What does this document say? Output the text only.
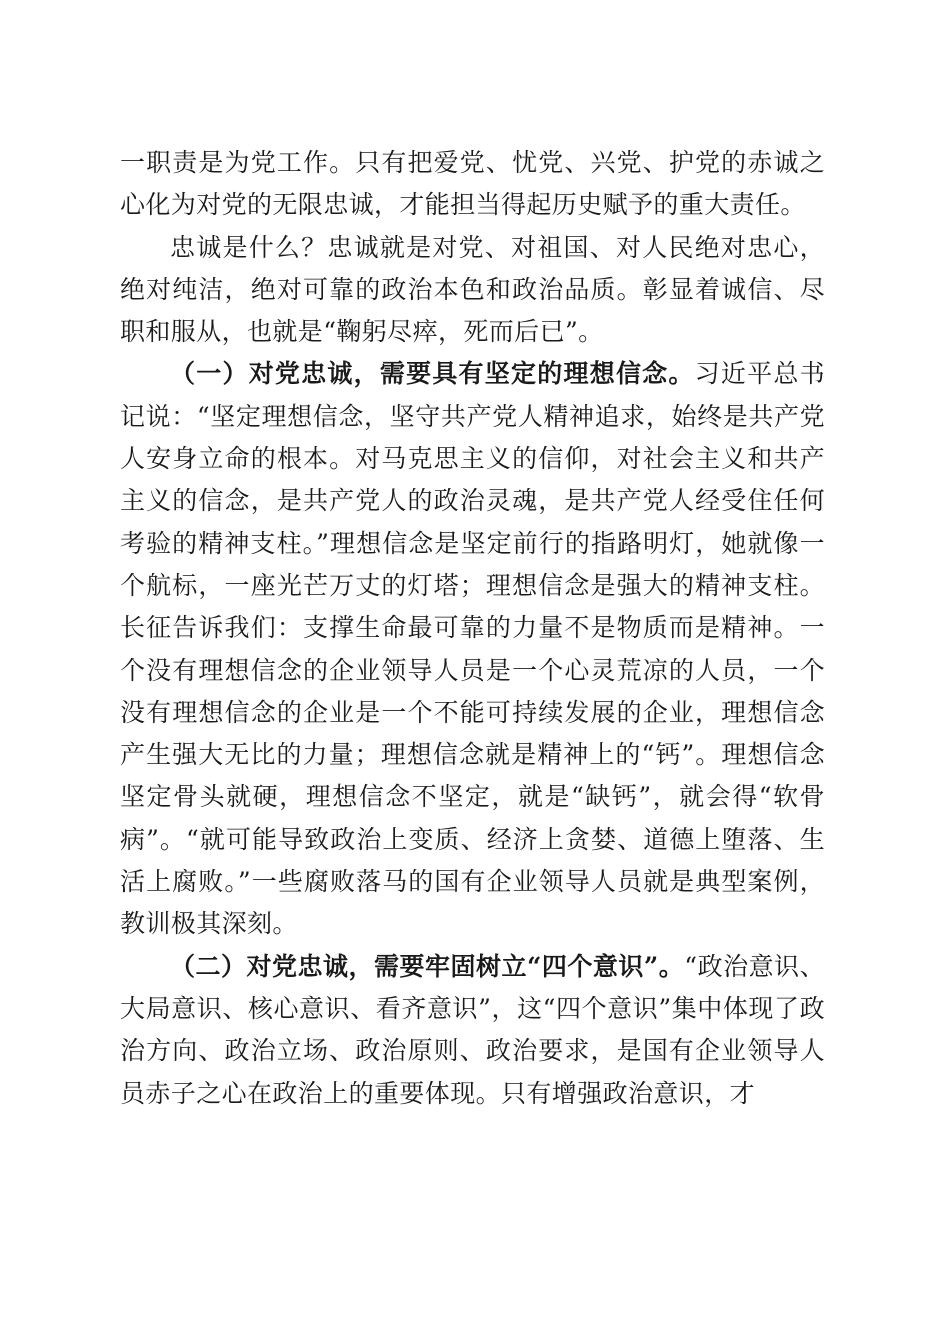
一职责是为党工作。只有把爱党、忧党、兴党、护党的赤诚之心化为对党的无限忠诚，才能担当得起历史赋予的重大责任。

忠诚是什么？忠诚就是对党、对祖国、对人民绝对忠心，绝对纯洁，绝对可靠的政治本色和政治品质。彰显着诚信、尽职和服从，也就是“鞠躬尽瘁，死而后已”。

（一）对党忠诚，需要具有坚定的理想信念。习近平总书记说：“坚定理想信念，坚守共产党人精神追求，始终是共产党人安身立命的根本。对马克思主义的信仰，对社会主义和共产主义的信念，是共产党人的政治灵魂，是共产党人经受住任何考验的精神支柱。”理想信念是坚定前行的指路明灯，她就像一个航标，一座光芒万丈的灯塔；理想信念是强大的精神支柱。长征告诉我们：支撑生命最可靠的力量不是物质而是精神。一个没有理想信念的企业领导人员是一个心灵荒凉的人员，一个没有理想信念的企业是一个不能可持续发展的企业，理想信念产生强大无比的力量；理想信念就是精神上的“钙”。理想信念坚定骨头就硬，理想信念不坚定，就是“缺钙”，就会得“软骨病”。“就可能导致政治上变质、经济上贪婪、道德上堕落、生活上腐败。”一些腐败落马的国有企业领导人员就是典型案例，教训极其深刻。

（二）对党忠诚，需要牢固树立“四个意识”。“政治意识、大局意识、核心意识、看齐意识”，这“四个意识”集中体现了政治方向、政治立场、政治原则、政治要求，是国有企业领导人员赤子之心在政治上的重要体现。只有增强政治意识，才
